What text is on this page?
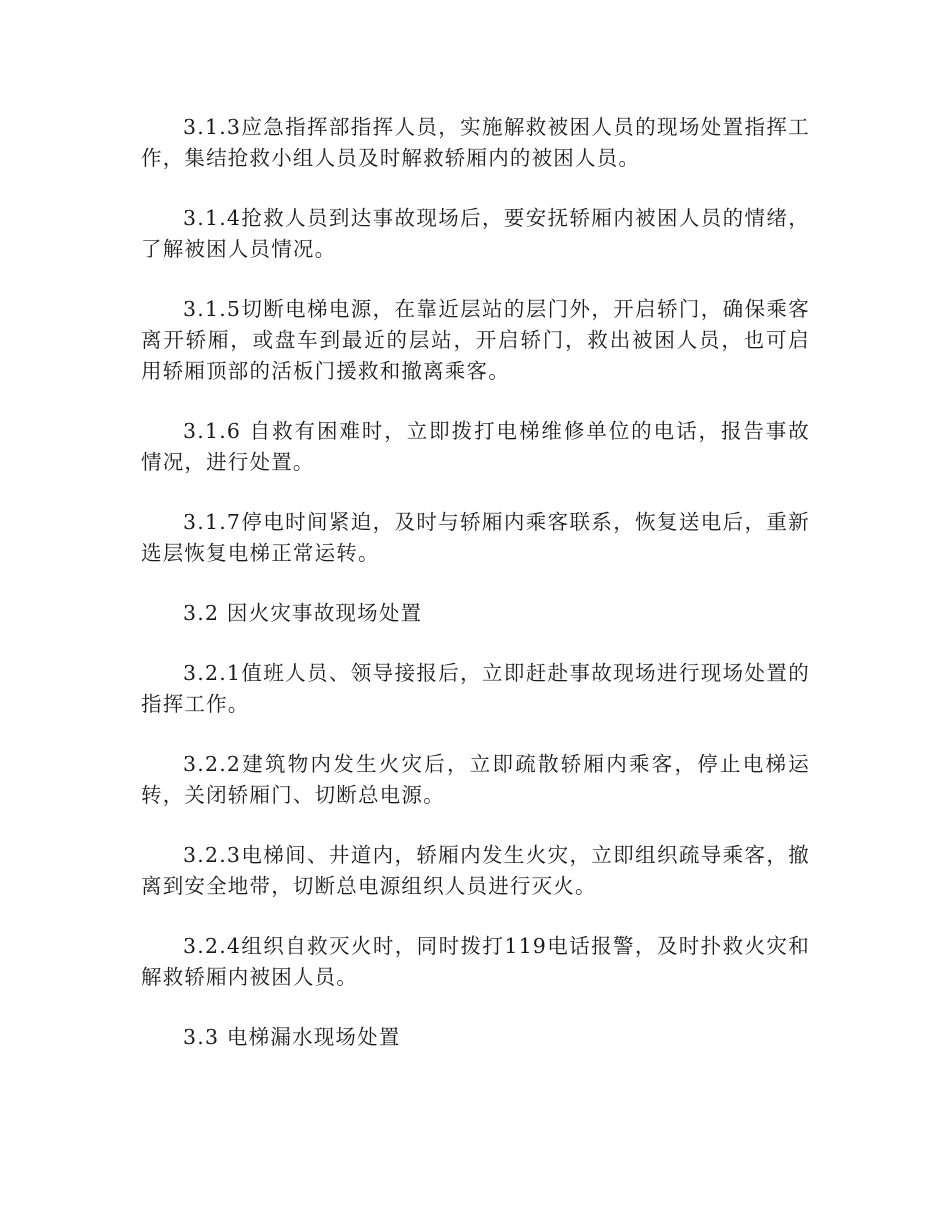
3.1.3应急指挥部指挥人员，实施解救被困人员的现场处置指挥工作，集结抢救小组人员及时解救轿厢内的被困人员。

3.1.4抢救人员到达事故现场后，要安抚轿厢内被困人员的情绪，了解被困人员情况。

3.1.5切断电梯电源，在靠近层站的层门外，开启轿门，确保乘客离开轿厢，或盘车到最近的层站，开启轿门，救出被困人员，也可启用轿厢顶部的活板门援救和撤离乘客。

3.1.6 自救有困难时，立即拨打电梯维修单位的电话，报告事故情况，进行处置。

3.1.7停电时间紧迫，及时与轿厢内乘客联系，恢复送电后，重新选层恢复电梯正常运转。

3.2 因火灾事故现场处置

3.2.1值班人员、领导接报后，立即赶赴事故现场进行现场处置的指挥工作。

3.2.2建筑物内发生火灾后，立即疏散轿厢内乘客，停止电梯运转，关闭轿厢门、切断总电源。

3.2.3电梯间、井道内，轿厢内发生火灾，立即组织疏导乘客，撤离到安全地带，切断总电源组织人员进行灭火。

3.2.4组织自救灭火时，同时拨打119电话报警，及时扑救火灾和解救轿厢内被困人员。

3.3 电梯漏水现场处置
